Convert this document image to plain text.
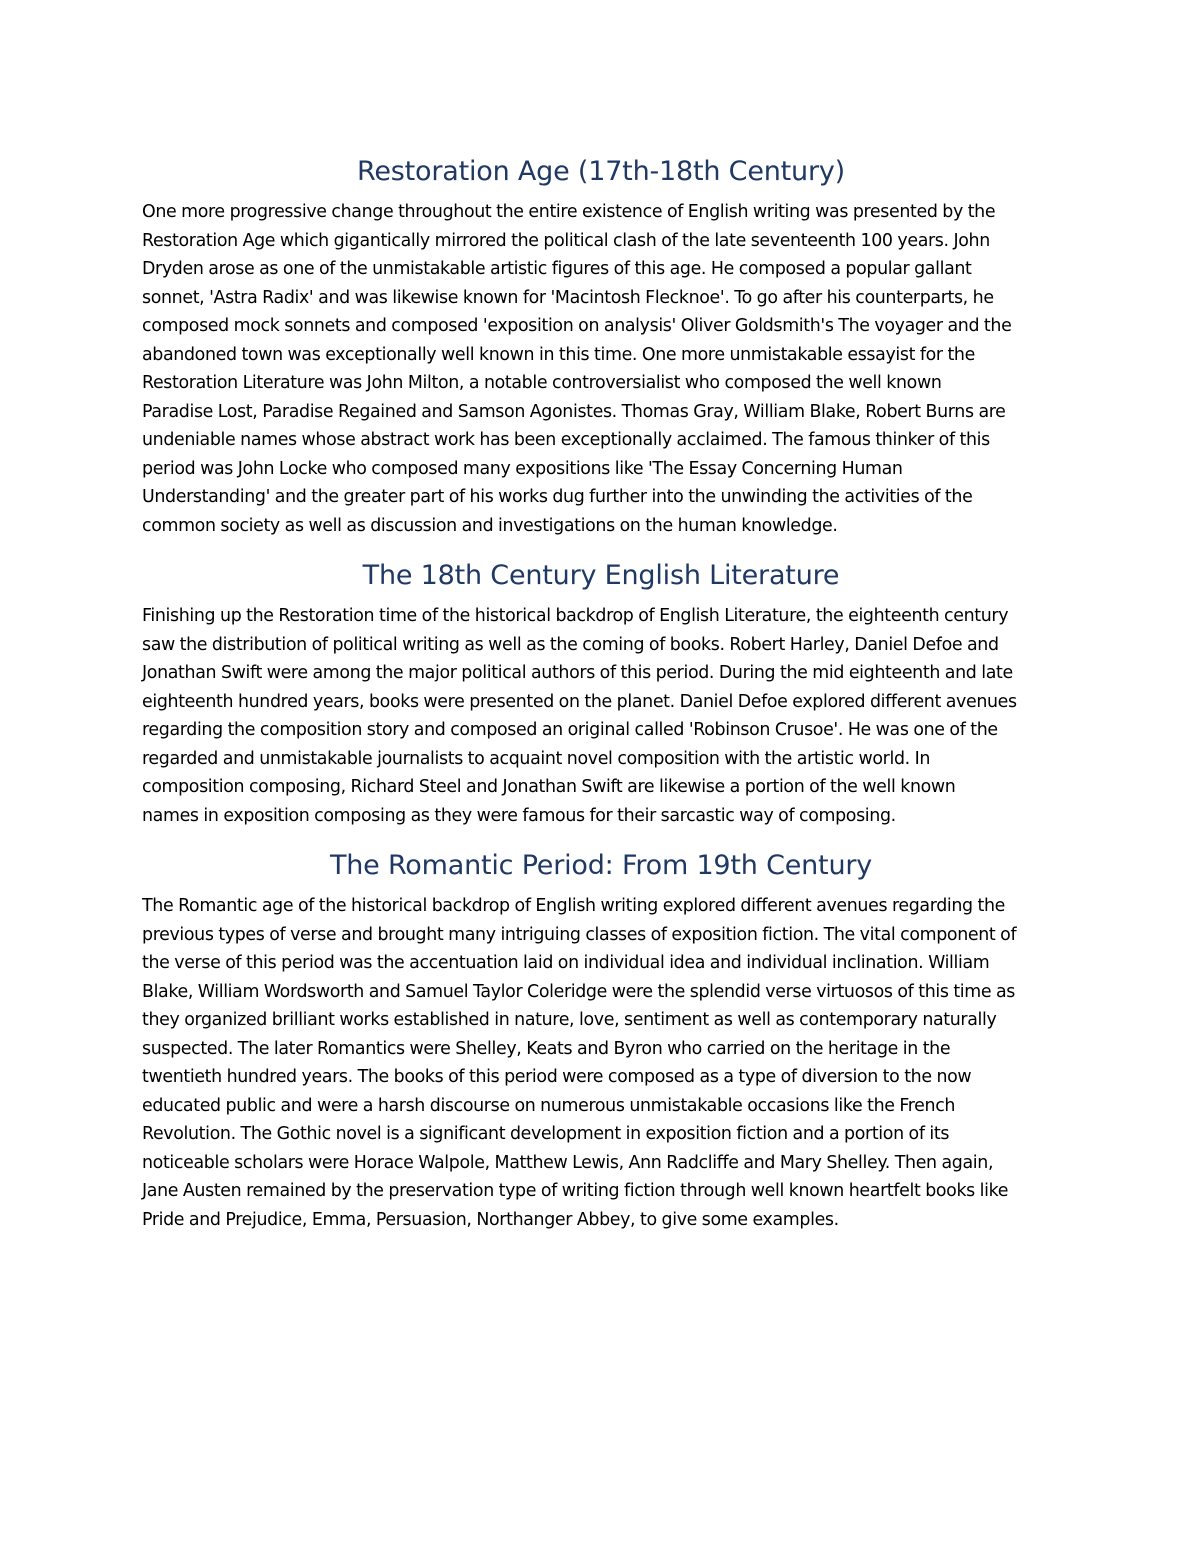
Restoration Age (17th-18th Century)

One more progressive change throughout the entire existence of English writing was presented by the
Restoration Age which gigantically mirrored the political clash of the late seventeenth 100 years. John
Dryden arose as one of the unmistakable artistic figures of this age. He composed a popular gallant
sonnet, 'Astra Radix' and was likewise known for 'Macintosh Flecknoe'. To go after his counterparts, he
composed mock sonnets and composed 'exposition on analysis' Oliver Goldsmith's The voyager and the
abandoned town was exceptionally well known in this time. One more unmistakable essayist for the
Restoration Literature was John Milton, a notable controversialist who composed the well known
Paradise Lost, Paradise Regained and Samson Agonistes. Thomas Gray, William Blake, Robert Burns are
undeniable names whose abstract work has been exceptionally acclaimed. The famous thinker of this
period was John Locke who composed many expositions like 'The Essay Concerning Human
Understanding' and the greater part of his works dug further into the unwinding the activities of the
common society as well as discussion and investigations on the human knowledge.

The 18th Century English Literature

Finishing up the Restoration time of the historical backdrop of English Literature, the eighteenth century
saw the distribution of political writing as well as the coming of books. Robert Harley, Daniel Defoe and
Jonathan Swift were among the major political authors of this period. During the mid eighteenth and late
eighteenth hundred years, books were presented on the planet. Daniel Defoe explored different avenues
regarding the composition story and composed an original called 'Robinson Crusoe'. He was one of the
regarded and unmistakable journalists to acquaint novel composition with the artistic world. In
composition composing, Richard Steel and Jonathan Swift are likewise a portion of the well known
names in exposition composing as they were famous for their sarcastic way of composing.

The Romantic Period: From 19th Century

The Romantic age of the historical backdrop of English writing explored different avenues regarding the
previous types of verse and brought many intriguing classes of exposition fiction. The vital component of
the verse of this period was the accentuation laid on individual idea and individual inclination. William
Blake, William Wordsworth and Samuel Taylor Coleridge were the splendid verse virtuosos of this time as
they organized brilliant works established in nature, love, sentiment as well as contemporary naturally
suspected. The later Romantics were Shelley, Keats and Byron who carried on the heritage in the
twentieth hundred years. The books of this period were composed as a type of diversion to the now
educated public and were a harsh discourse on numerous unmistakable occasions like the French
Revolution. The Gothic novel is a significant development in exposition fiction and a portion of its
noticeable scholars were Horace Walpole, Matthew Lewis, Ann Radcliffe and Mary Shelley. Then again,
Jane Austen remained by the preservation type of writing fiction through well known heartfelt books like
Pride and Prejudice, Emma, Persuasion, Northanger Abbey, to give some examples.
